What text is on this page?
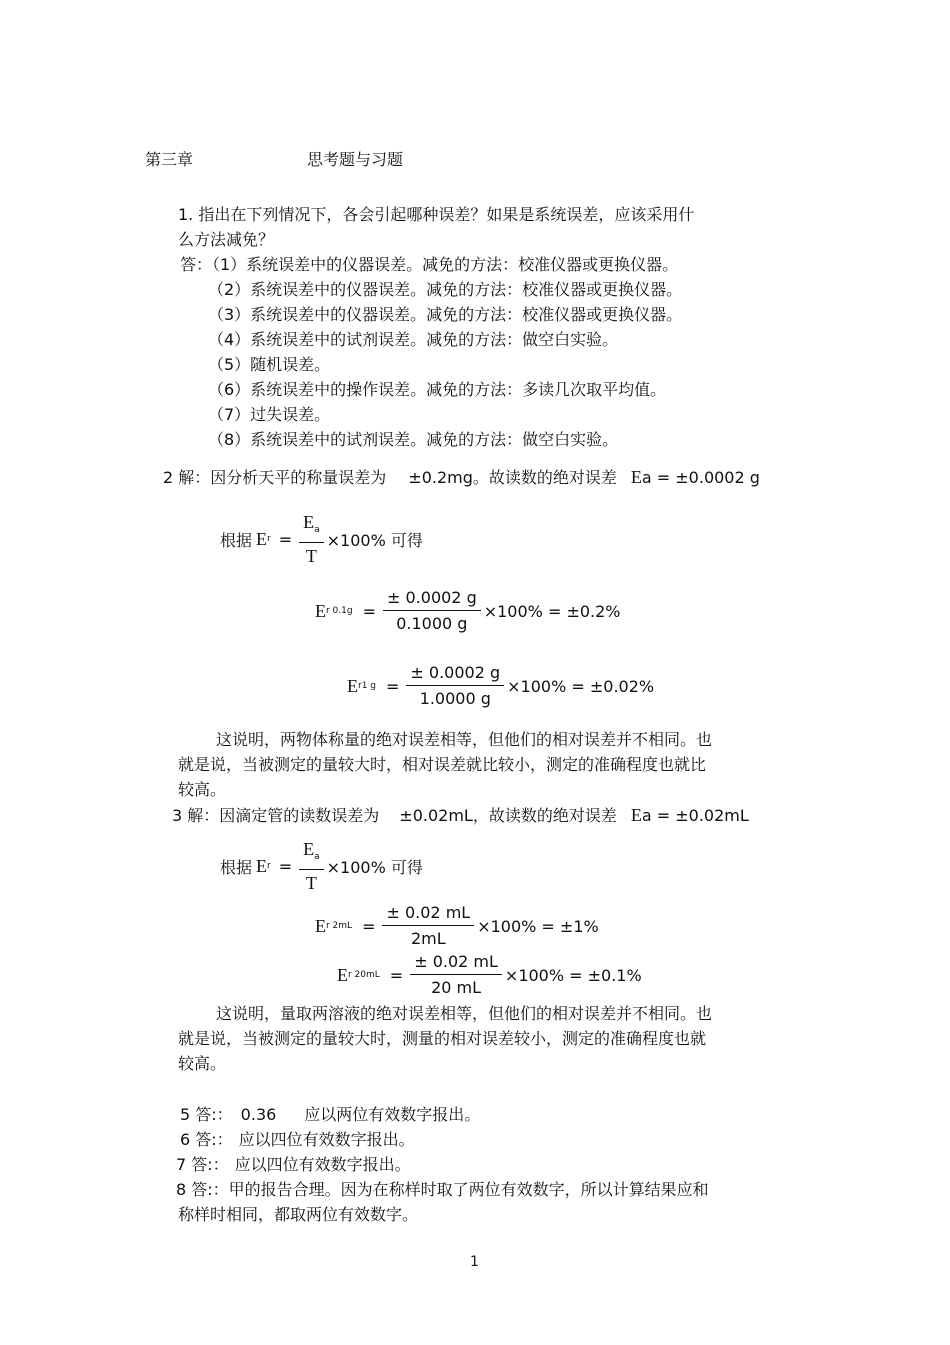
第三章	思考题与习题
1. 指出在下列情况下，各会引起哪种误差？如果是系统误差，应该采用什
么方法减免？
答：（1）系统误差中的仪器误差。减免的方法：校准仪器或更换仪器。
（2）系统误差中的仪器误差。减免的方法：校准仪器或更换仪器。
（3）系统误差中的仪器误差。减免的方法：校准仪器或更换仪器。
（4）系统误差中的试剂误差。减免的方法：做空白实验。
（5）随机误差。
（6）系统误差中的操作误差。减免的方法：多读几次取平均值。
（7）过失误差。
（8）系统误差中的试剂误差。减免的方法：做空白实验。
2 解：因分析天平的称量误差为 ±0.2mg。故读数的绝对误差 Ea = ±0.0002 g
根据 E $r = \frac{E_a}{T} \times 100\%$ 可得
E r $0.1g = \frac{\pm 0.0002 g}{0.1000 g} \times 100\% = \pm 0.2\%$
E r1 $g = \frac{\pm 0.0002 g}{1.0000 g} \times 100\% = \pm 0.02\%$
这说明，两物体称量的绝对误差相等，但他们的相对误差并不相同。也
就是说，当被测定的量较大时，相对误差就比较小，测定的准确程度也就比
较高。
3 解：因滴定管的读数误差为 ±0.02mL，故读数的绝对误差 Ea = ±0.02mL
根据 E $r = \frac{E_a}{T} \times 100\%$ 可得
E r $2mL = \frac{\pm 0.02 mL}{2mL} \times 100\% = \pm 1\%$
E r $20mL = \frac{\pm 0.02 mL}{20 mL} \times 100\% = \pm 0.1\%$
这说明，量取两溶液的绝对误差相等，但他们的相对误差并不相同。也
就是说，当被测定的量较大时，测量的相对误差较小，测定的准确程度也就
较高。
5 答:： 0.36 应以两位有效数字报出。
6 答:： 应以四位有效数字报出。
7 答:： 应以四位有效数字报出。
8 答:：甲的报告合理。因为在称样时取了两位有效数字，所以计算结果应和
称样时相同，都取两位有效数字。
1
